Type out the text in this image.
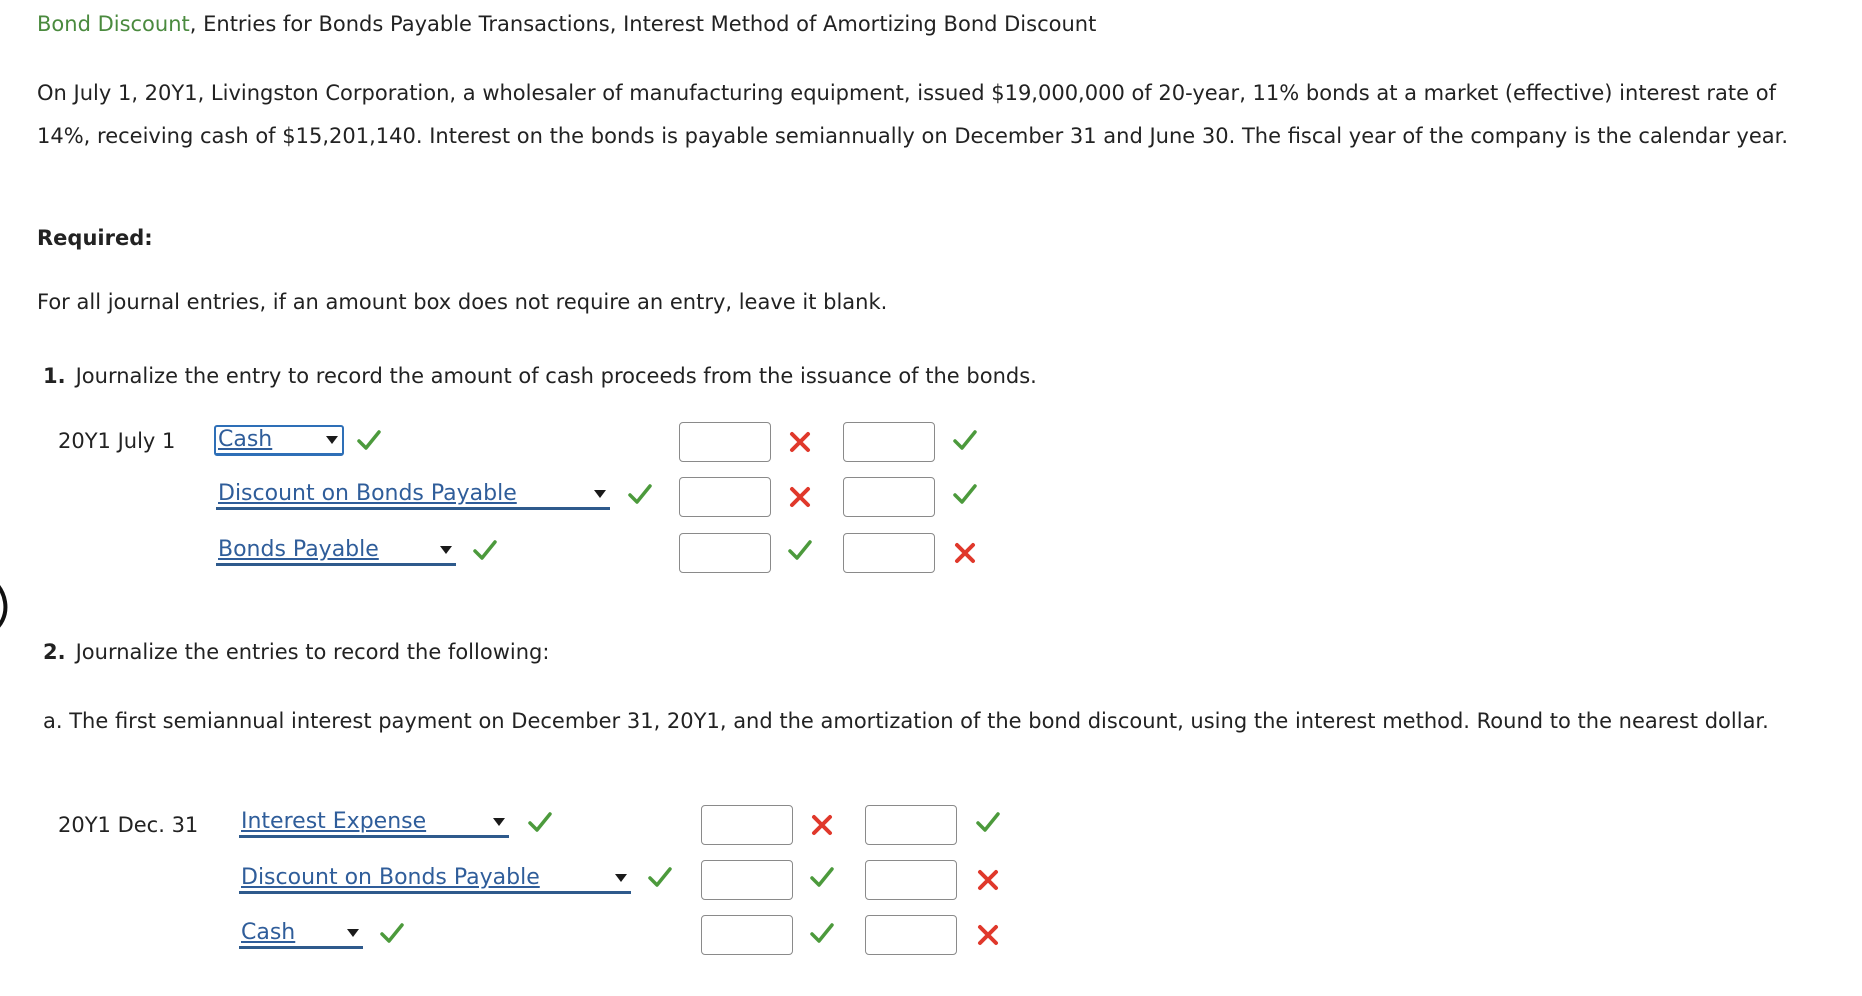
Bond Discount, Entries for Bonds Payable Transactions, Interest Method of Amortizing Bond Discount
On July 1, 20Y1, Livingston Corporation, a wholesaler of manufacturing equipment, issued $19,000,000 of 20-year, 11% bonds at a market (effective) interest rate of 14%, receiving cash of $15,201,140. Interest on the bonds is payable semiannually on December 31 and June 30. The fiscal year of the company is the calendar year.
Required:
For all journal entries, if an amount box does not require an entry, leave it blank.
1. Journalize the entry to record the amount of cash proceeds from the issuance of the bonds.
20Y1 July 1 Cash
Discount on Bonds Payable
Bonds Payable
2. Journalize the entries to record the following:
a. The first semiannual interest payment on December 31, 20Y1, and the amortization of the bond discount, using the interest method. Round to the nearest dollar.
20Y1 Dec. 31 Interest Expense
Discount on Bonds Payable
Cash
